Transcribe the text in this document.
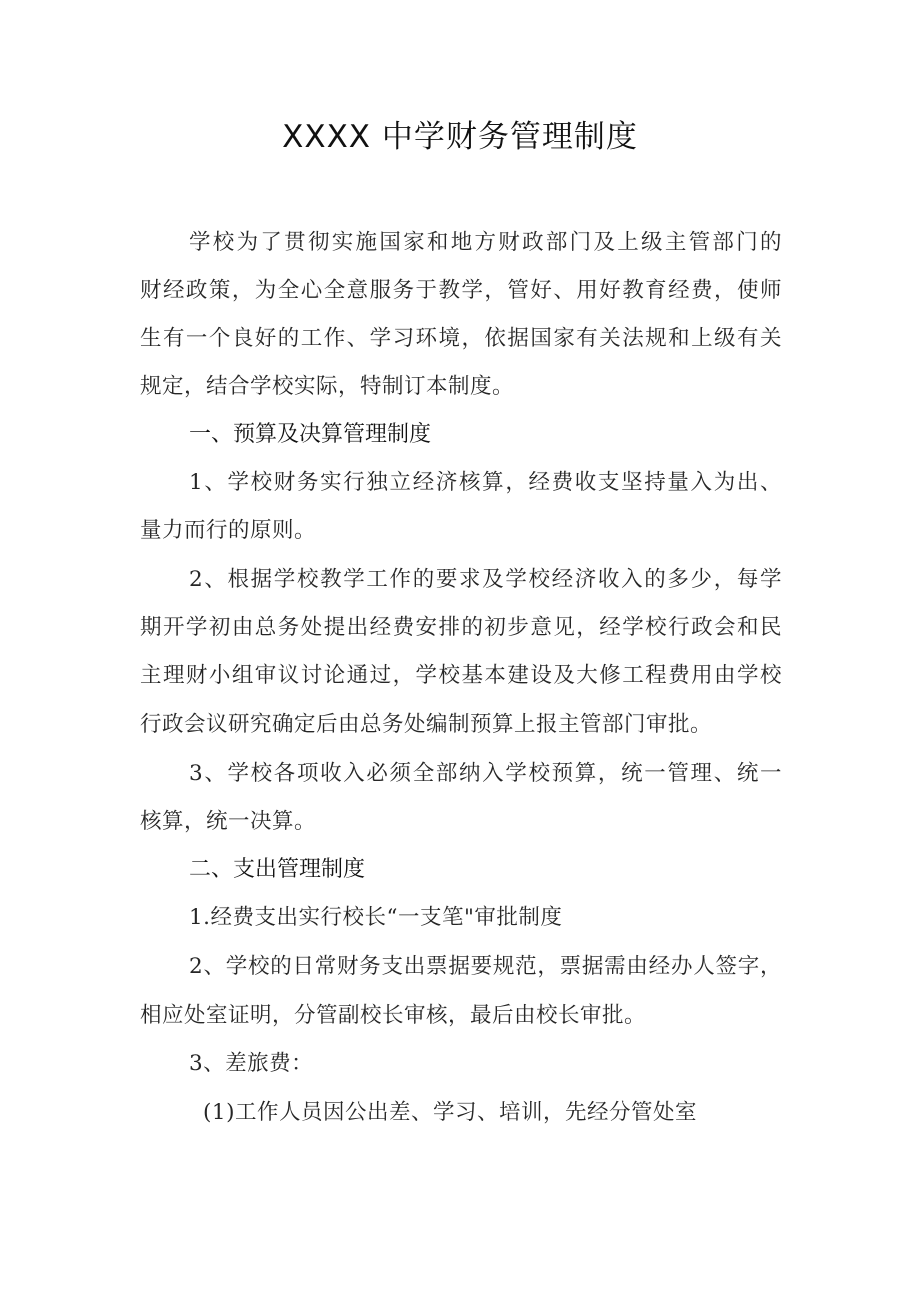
XXXX 中学财务管理制度
学校为了贯彻实施国家和地方财政部门及上级主管部门的
财经政策，为全心全意服务于教学，管好、用好教育经费，使师
生有一个良好的工作、学习环境，依据国家有关法规和上级有关
规定，结合学校实际，特制订本制度。
一、预算及决算管理制度
1、学校财务实行独立经济核算，经费收支坚持量入为出、
量力而行的原则。
2、根据学校教学工作的要求及学校经济收入的多少，每学
期开学初由总务处提出经费安排的初步意见，经学校行政会和民
主理财小组审议讨论通过，学校基本建设及大修工程费用由学校
行政会议研究确定后由总务处编制预算上报主管部门审批。
3、学校各项收入必须全部纳入学校预算，统一管理、统一
核算，统一决算。
二、支出管理制度
1.经费支出实行校长“一支笔"审批制度
2、学校的日常财务支出票据要规范，票据需由经办人签字，
相应处室证明，分管副校长审核，最后由校长审批。
3、差旅费：
(1)工作人员因公出差、学习、培训，先经分管处室
